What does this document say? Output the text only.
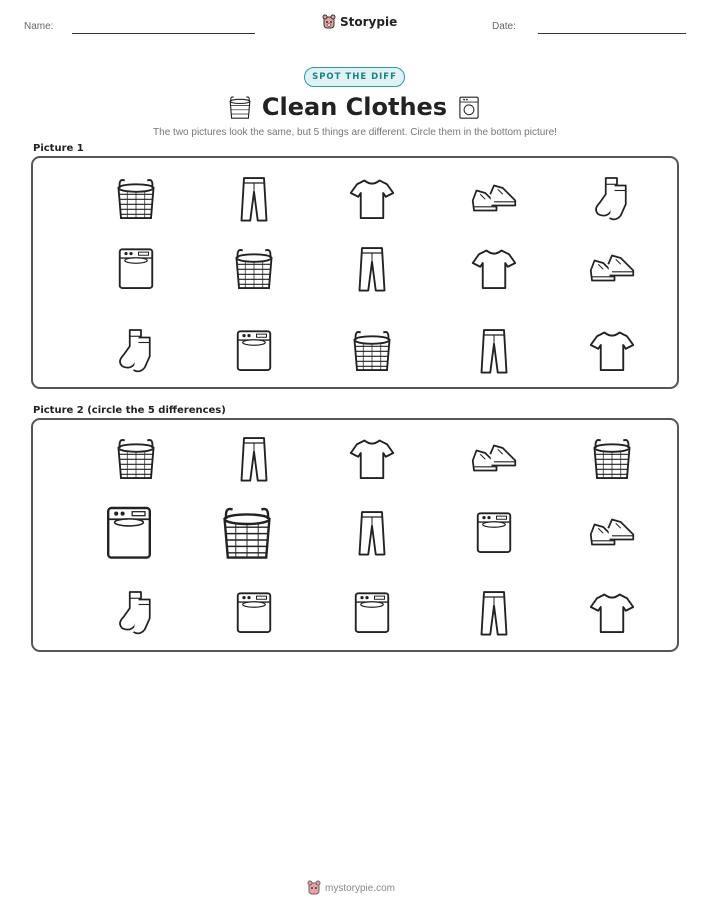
Name:	Storypie	Date:
SPOT THE DIFF
Clean Clothes
The two pictures look the same, but 5 things are different. Circle them in the bottom picture!
Picture 1
Picture 2 (circle the 5 differences)
mystorypie.com
